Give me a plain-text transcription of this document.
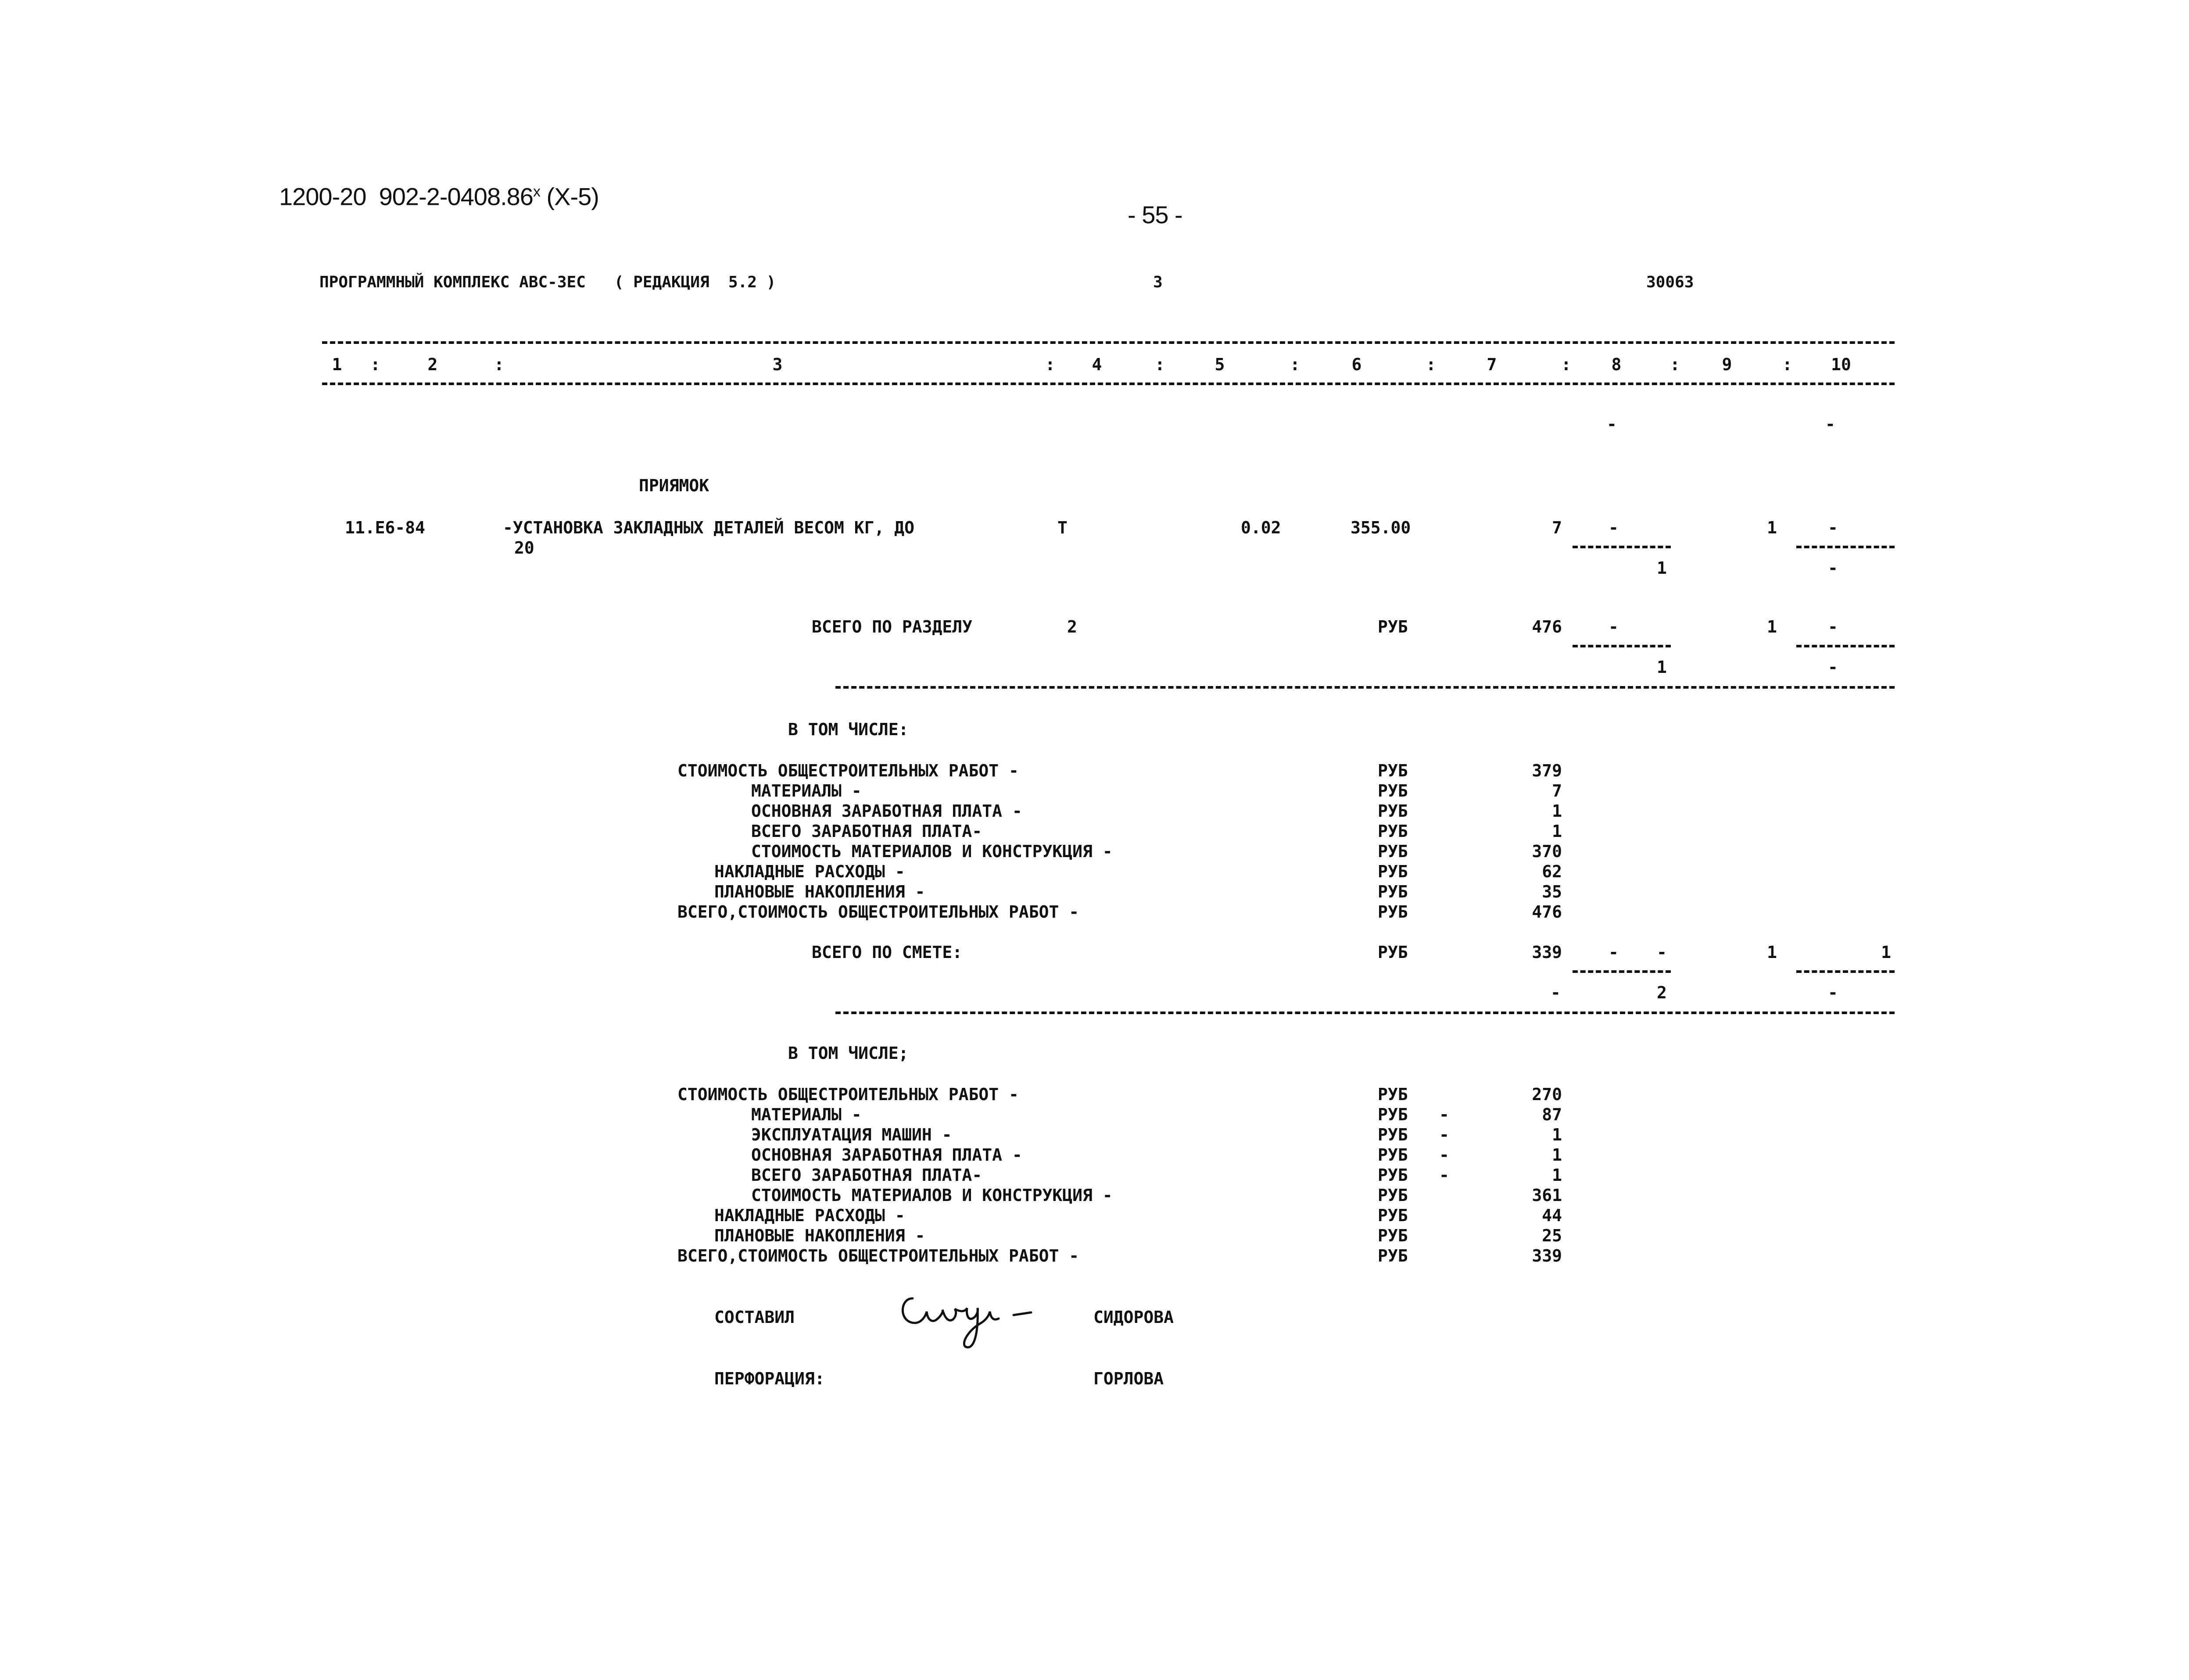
1200-20  902-2-0408.86$^x$ (X-5)
- 55 -
ПРОГРАММНЫЙ КОМПЛЕКС АВС-3ЕС   ( РЕДАКЦИЯ  5.2 )	3	30063
1 :	2	:	3	: 4	:	5	:	6	:	7	: 8	:	9	: 10
-	-
ПРИЯМОК
11.Е6-84	-УСТАНОВКА ЗАКЛАДНЫХ ДЕТАЛЕЙ ВЕСОМ КГ, ДО
20
Т	0.02	355.00	7	-	1	-
1	-
ВСЕГО ПО РАЗДЕЛУ	2	РУБ	476	-	1	-
1	-
В ТОМ ЧИСЛЕ:
СТОИМОСТЬ ОБЩЕСТРОИТЕЛЬНЫХ РАБОТ -	РУБ	379
МАТЕРИАЛЫ -	РУБ	7
ОСНОВНАЯ ЗАРАБОТНАЯ ПЛАТА -	РУБ	1
ВСЕГО ЗАРАБОТНАЯ ПЛАТА-	РУБ	1
СТОИМОСТЬ МАТЕРИАЛОВ И КОНСТРУКЦИЯ -	РУБ	370
НАКЛАДНЫЕ РАСХОДЫ -	РУБ	62
ПЛАНОВЫЕ НАКОПЛЕНИЯ -	РУБ	35
ВСЕГО,СТОИМОСТЬ ОБЩЕСТРОИТЕЛЬНЫХ РАБОТ -	РУБ	476
ВСЕГО ПО СМЕТЕ:	РУБ	339	- -	1	1
-	2	-
В ТОМ ЧИСЛЕ;
СТОИМОСТЬ ОБЩЕСТРОИТЕЛЬНЫХ РАБОТ -	РУБ	270
МАТЕРИАЛЫ -	РУБ -	87
ЭКСПЛУАТАЦИЯ МАШИН -	РУБ -	1
ОСНОВНАЯ ЗАРАБОТНАЯ ПЛАТА -	РУБ -	1
ВСЕГО ЗАРАБОТНАЯ ПЛАТА-	РУБ -	1
СТОИМОСТЬ МАТЕРИАЛОВ И КОНСТРУКЦИЯ -	РУБ	361
НАКЛАДНЫЕ РАСХОДЫ -	РУБ	44
ПЛАНОВЫЕ НАКОПЛЕНИЯ -	РУБ	25
ВСЕГО,СТОИМОСТЬ ОБЩЕСТРОИТЕЛЬНЫХ РАБОТ -	РУБ	339
СОСТАВИЛ	СИДОРОВА
ПЕРФОРАЦИЯ:	ГОРЛОВА
